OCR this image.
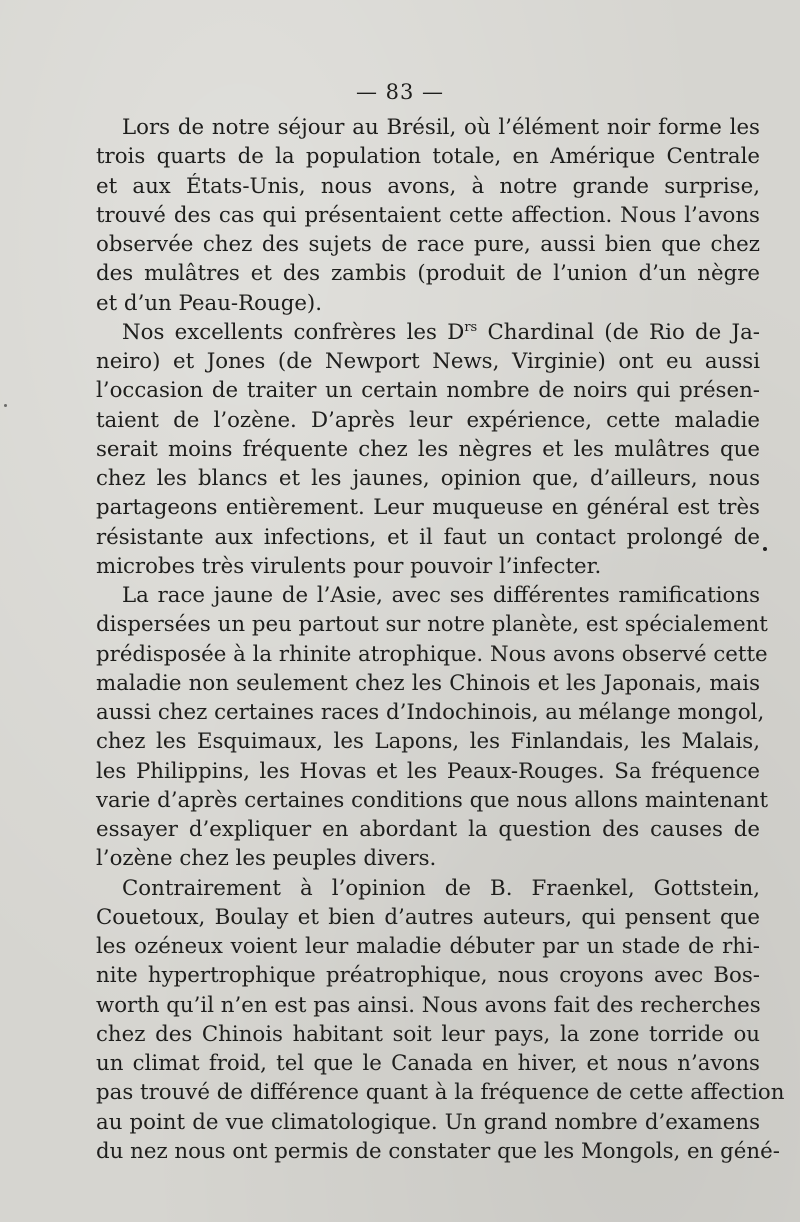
— 83 —
Lors de notre séjour au Brésil, où l’élément noir forme les
trois quarts de la population totale, en Amérique Centrale
et aux États-Unis, nous avons, à notre grande surprise,
trouvé des cas qui présentaient cette affection. Nous l’avons
observée chez des sujets de race pure, aussi bien que chez
des mulâtres et des zambis (produit de l’union d’un nègre
et d’un Peau-Rouge).
Nos excellents confrères les $D^{rs}$ Chardinal (de Rio de Ja-
neiro) et Jones (de Newport News, Virginie) ont eu aussi
l’occasion de traiter un certain nombre de noirs qui présen-
taient de l’ozène. D’après leur expérience, cette maladie
serait moins fréquente chez les nègres et les mulâtres que
chez les blancs et les jaunes, opinion que, d’ailleurs, nous
partageons entièrement. Leur muqueuse en général est très
résistante aux infections, et il faut un contact prolongé de
microbes très virulents pour pouvoir l’infecter.
La race jaune de l’Asie, avec ses différentes ramifications
dispersées un peu partout sur notre planète, est spécialement
prédisposée à la rhinite atrophique. Nous avons observé cette
maladie non seulement chez les Chinois et les Japonais, mais
aussi chez certaines races d’Indochinois, au mélange mongol,
chez les Esquimaux, les Lapons, les Finlandais, les Malais,
les Philippins, les Hovas et les Peaux-Rouges. Sa fréquence
varie d’après certaines conditions que nous allons maintenant
essayer d’expliquer en abordant la question des causes de
l’ozène chez les peuples divers.
Contrairement à l’opinion de B. Fraenkel, Gottstein,
Couetoux, Boulay et bien d’autres auteurs, qui pensent que
les ozéneux voient leur maladie débuter par un stade de rhi-
nite hypertrophique préatrophique, nous croyons avec Bos-
worth qu’il n’en est pas ainsi. Nous avons fait des recherches
chez des Chinois habitant soit leur pays, la zone torride ou
un climat froid, tel que le Canada en hiver, et nous n’avons
pas trouvé de différence quant à la fréquence de cette affection
au point de vue climatologique. Un grand nombre d’examens
du nez nous ont permis de constater que les Mongols, en géné-
